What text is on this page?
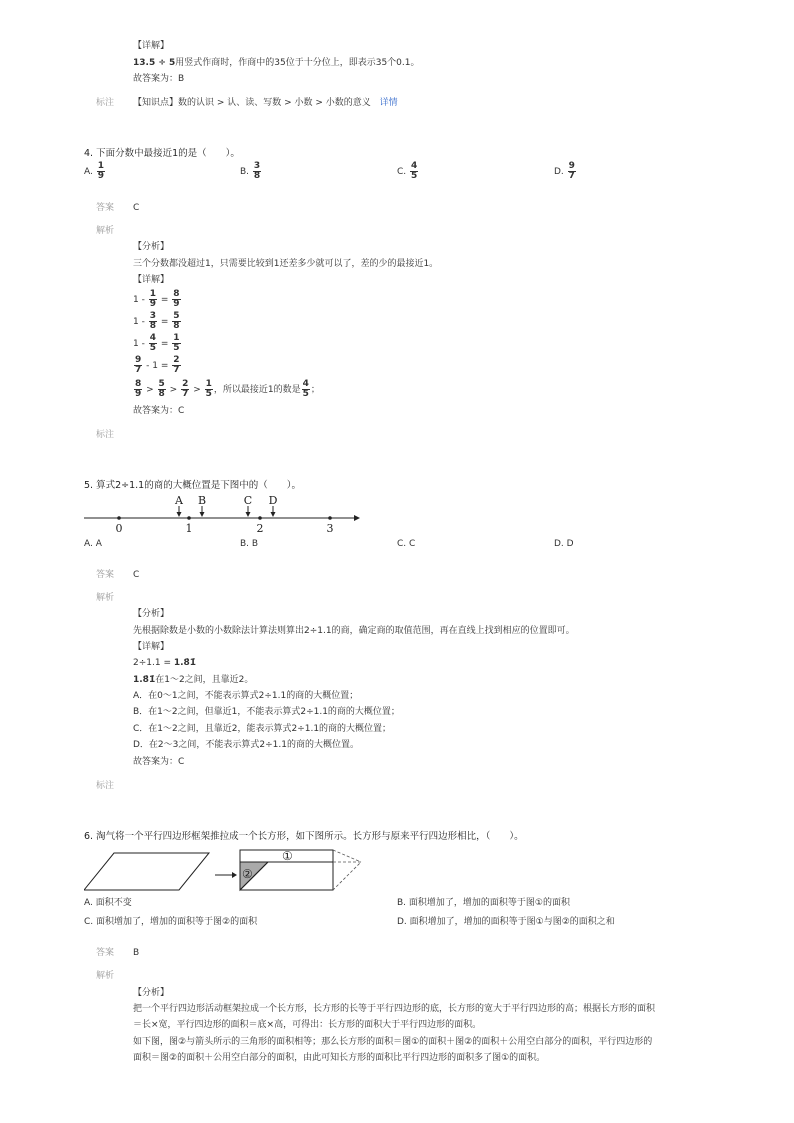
【详解】
13.5 ÷ 5用竖式作商时，作商中的35位于十分位上，即表示35个0.1。
故答案为：B
标注 【知识点】数的认识 > 认、读、写数 > 小数 > 小数的意义 详情
4. 下面分数中最接近1的是（　　）。
A. $\frac{1}{9}$	B. $\frac{3}{8}$	C. $\frac{4}{5}$	D. $\frac{9}{7}$
答案 C
解析
【分析】
三个分数都没超过1，只需要比较到1还差多少就可以了，差的少的最接近1。
【详解】
$1 - \frac{1}{9} = \frac{8}{9}$
$1 - \frac{3}{8} = \frac{5}{8}$
$1 - \frac{4}{5} = \frac{1}{5}$
$\frac{9}{7} - 1 = \frac{2}{7}$
$\frac{8}{9} > \frac{5}{8} > \frac{2}{7} > \frac{1}{5}$ ，所以最接近1的数是 $\frac{4}{5}$ ；
故答案为：C
标注
5. 算式2÷1.1的商的大概位置是下图中的（　　）。
0	1	2	3
A B	C D
A. A	B. B	C. C	D. D
答案 C
解析
【分析】
先根据除数是小数的小数除法计算法则算出2÷1.1的商，确定商的取值范围，再在直线上找到相应的位置即可。
【详解】
2÷1.1 = 1.8̇1̇
1.8̇1̇在1～2之间，且靠近2。
A．在0～1之间，不能表示算式2÷1.1的商的大概位置；
B．在1～2之间，但靠近1，不能表示算式2÷1.1的商的大概位置；
C．在1～2之间，且靠近2，能表示算式2÷1.1的商的大概位置；
D．在2～3之间，不能表示算式2÷1.1的商的大概位置。
故答案为：C
标注
6. 淘气将一个平行四边形框架推拉成一个长方形，如下图所示。长方形与原来平行四边形相比，（　　）。
①
②
A. 面积不变	B. 面积增加了，增加的面积等于图①的面积
C. 面积增加了，增加的面积等于图②的面积	D. 面积增加了，增加的面积等于图①与图②的面积之和
答案 B
解析
【分析】
把一个平行四边形活动框架拉成一个长方形，长方形的长等于平行四边形的底，长方形的宽大于平行四边形的高；根据长方形的面积
＝长×宽，平行四边形的面积＝底×高，可得出：长方形的面积大于平行四边形的面积。
如下图，图②与箭头所示的三角形的面积相等；那么长方形的面积＝图①的面积＋图②的面积＋公用空白部分的面积，平行四边形的
面积＝图②的面积＋公用空白部分的面积，由此可知长方形的面积比平行四边形的面积多了图①的面积。
